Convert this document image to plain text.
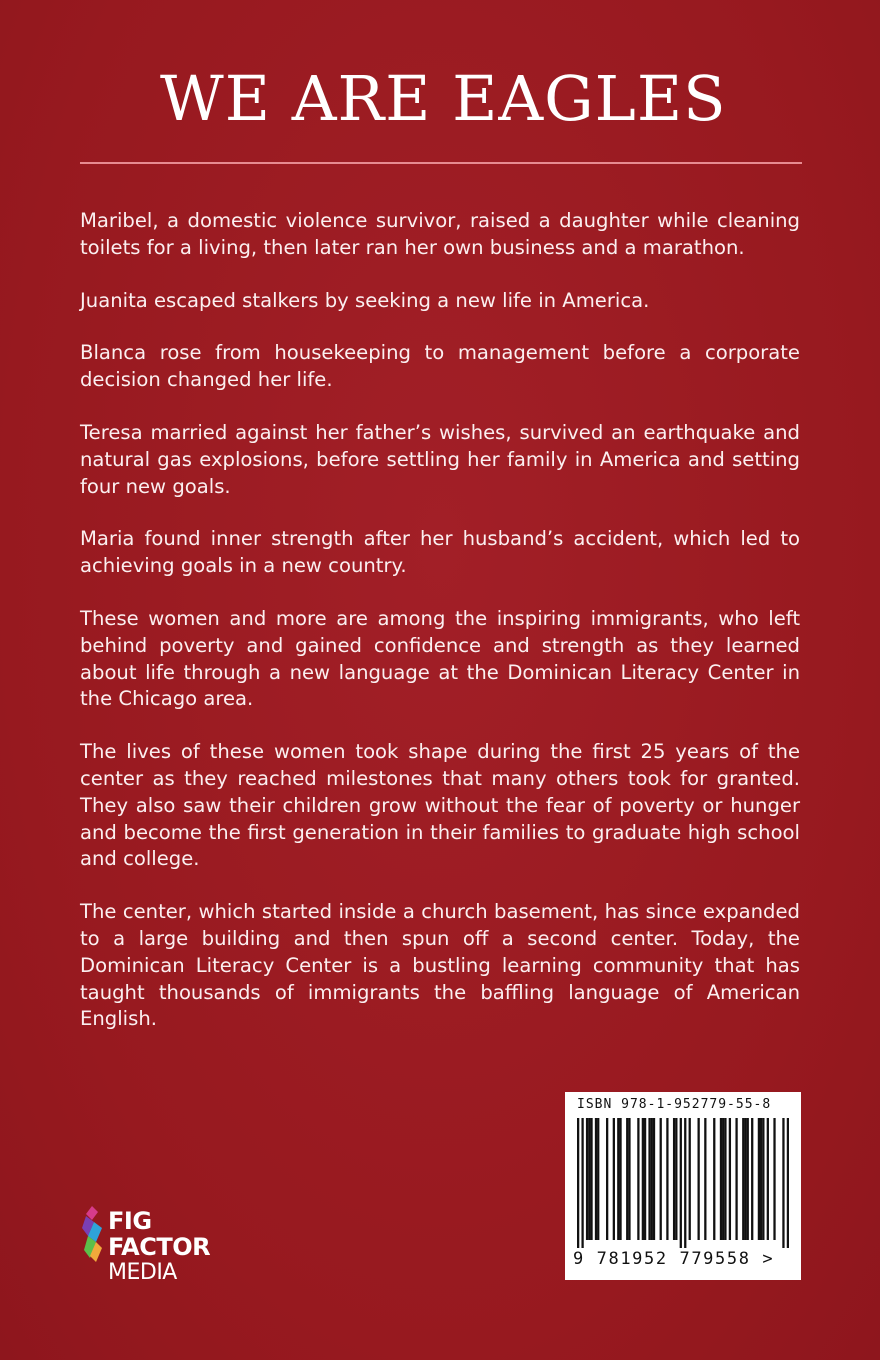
WE ARE EAGLES

Maribel, a domestic violence survivor, raised a daughter while cleaning toilets for a living, then later ran her own business and a marathon.

Juanita escaped stalkers by seeking a new life in America.

Blanca rose from housekeeping to management before a corporate decision changed her life.

Teresa married against her father’s wishes, survived an earthquake and natural gas explosions, before settling her family in America and setting four new goals.

Maria found inner strength after her husband’s accident, which led to achieving goals in a new country.

These women and more are among the inspiring immigrants, who left behind poverty and gained confidence and strength as they learned about life through a new language at the Dominican Literacy Center in the Chicago area.

The lives of these women took shape during the first 25 years of the center as they reached milestones that many others took for granted. They also saw their children grow without the fear of poverty or hunger and become the first generation in their families to graduate high school and college.

The center, which started inside a church basement, has since expanded to a large building and then spun off a second center. Today, the Dominican Literacy Center is a bustling learning community that has taught thousands of immigrants the baffling language of American English.

FIG
FACTOR
MEDIA
ISBN 978-1-952779-55-8
9 781952 779558 >
